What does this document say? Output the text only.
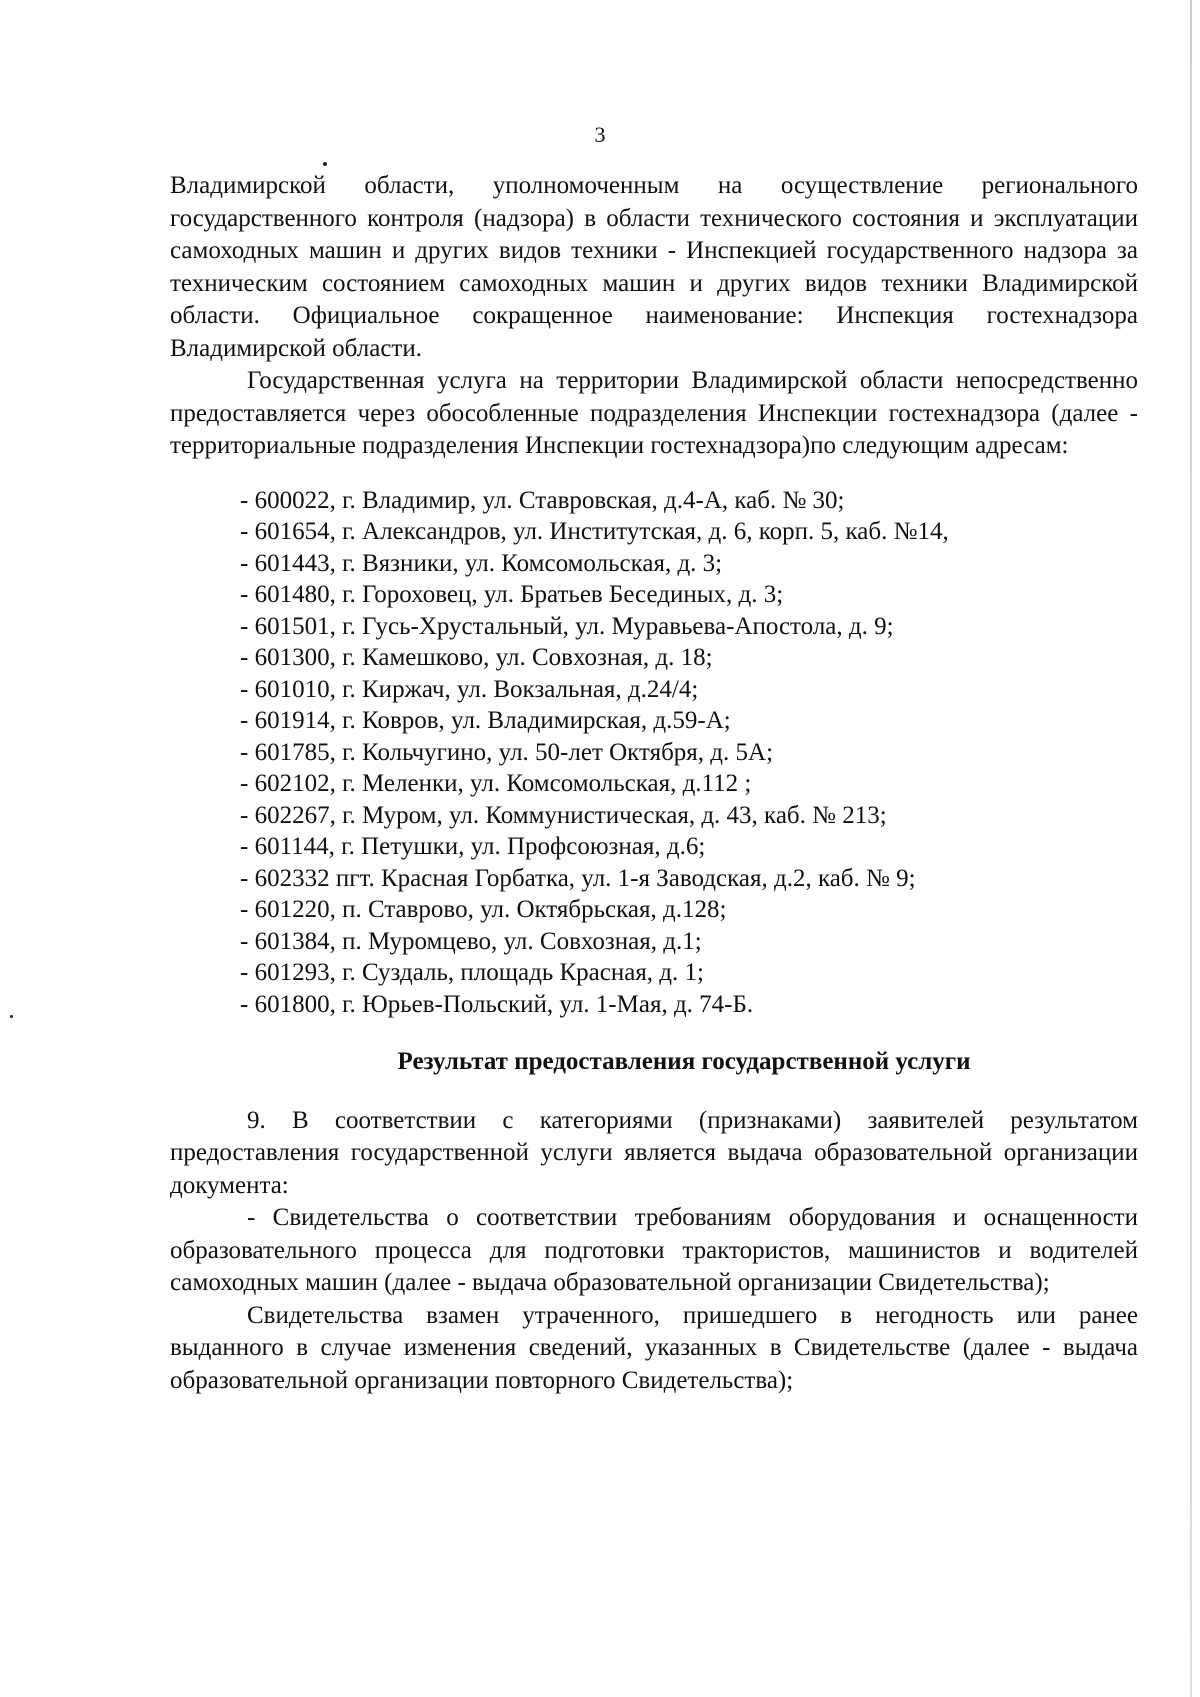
3

Владимирской области, уполномоченным на осуществление регионального государственного контроля (надзора) в области технического состояния и эксплуатации самоходных машин и других видов техники - Инспекцией государственного надзора за техническим состоянием самоходных машин и других видов техники Владимирской области. Официальное сокращенное наименование: Инспекция гостехнадзора Владимирской области.

Государственная услуга на территории Владимирской области непосредственно предоставляется через обособленные подразделения Инспекции гостехнадзора (далее - территориальные подразделения Инспекции гостехнадзора)по следующим адресам:

- 600022, г. Владимир, ул. Ставровская, д.4-А, каб. № 30;
- 601654, г. Александров, ул. Институтская, д. 6, корп. 5, каб. №14,
- 601443, г. Вязники, ул. Комсомольская, д. 3;
- 601480, г. Гороховец, ул. Братьев Бесединых, д. 3;
- 601501, г. Гусь-Хрустальный, ул. Муравьева-Апостола, д. 9;
- 601300, г. Камешково, ул. Совхозная, д. 18;
- 601010, г. Киржач, ул. Вокзальная, д.24/4;
- 601914, г. Ковров, ул. Владимирская, д.59-А;
- 601785, г. Кольчугино, ул. 50-лет Октября, д. 5А;
- 602102, г. Меленки, ул. Комсомольская, д.112 ;
- 602267, г. Муром, ул. Коммунистическая, д. 43, каб. № 213;
- 601144, г. Петушки, ул. Профсоюзная, д.6;
- 602332 пгт. Красная Горбатка, ул. 1-я Заводская, д.2, каб. № 9;
- 601220, п. Ставрово, ул. Октябрьская, д.128;
- 601384, п. Муромцево, ул. Совхозная, д.1;
- 601293, г. Суздаль, площадь Красная, д. 1;
- 601800, г. Юрьев-Польский, ул. 1-Мая, д. 74-Б.
Результат предоставления государственной услуги

9. В соответствии с категориями (признаками) заявителей результатом предоставления государственной услуги является выдача образовательной организации документа:

- Свидетельства о соответствии требованиям оборудования и оснащенности образовательного процесса для подготовки трактористов, машинистов и водителей самоходных машин (далее - выдача образовательной организации Свидетельства);

Свидетельства взамен утраченного, пришедшего в негодность или ранее выданного в случае изменения сведений, указанных в Свидетельстве (далее - выдача образовательной организации повторного Свидетельства);
